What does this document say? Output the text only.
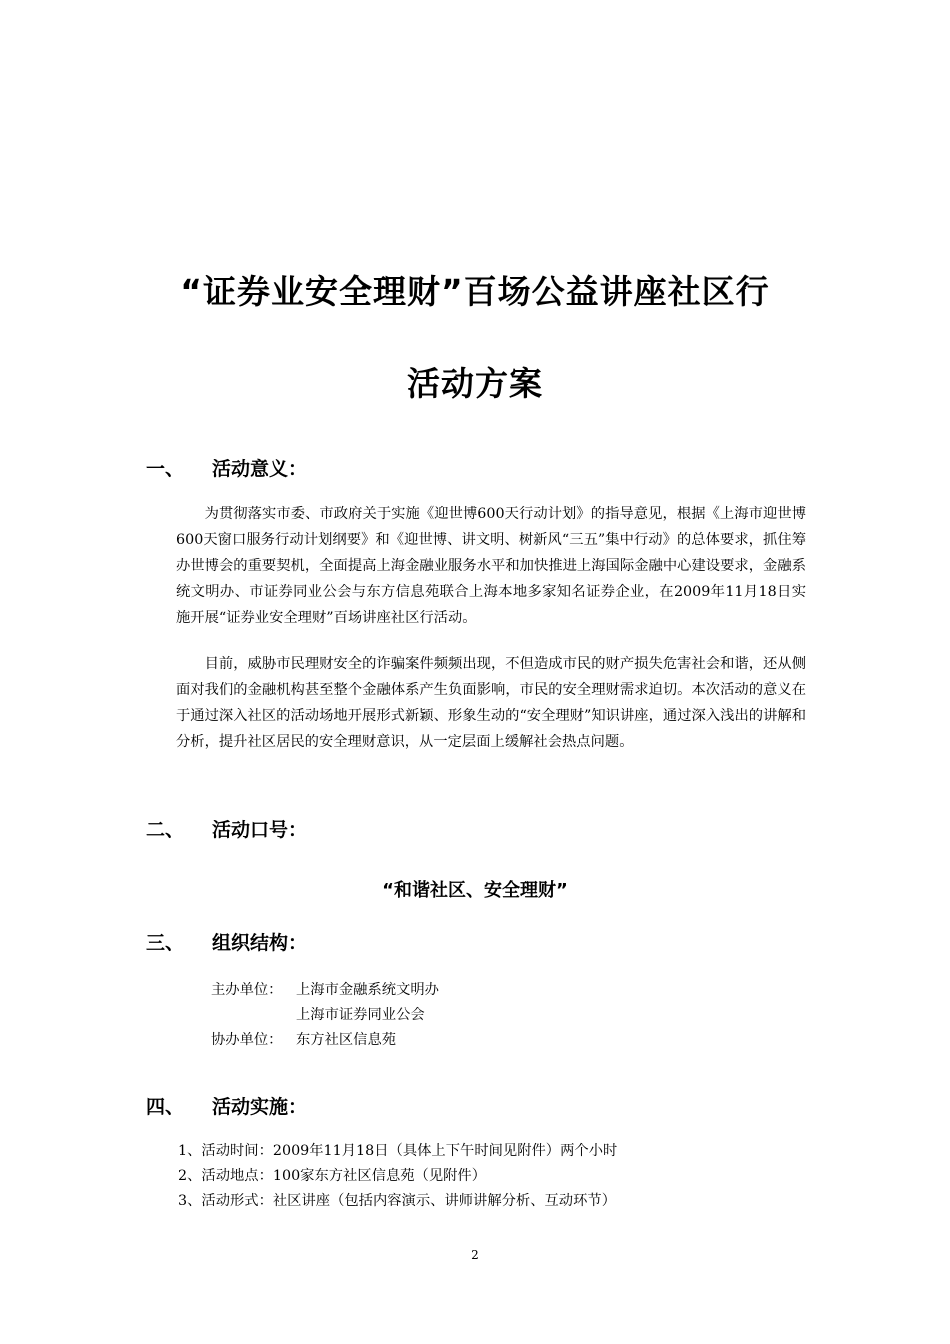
“证券业安全理财”百场公益讲座社区行
活动方案
一、 活动意义：

为贯彻落实市委、市政府关于实施《迎世博600天行动计划》的指导意见，根据《上海市迎世博600天窗口服务行动计划纲要》和《迎世博、讲文明、树新风“三五”集中行动》的总体要求，抓住筹办世博会的重要契机，全面提高上海金融业服务水平和加快推进上海国际金融中心建设要求，金融系统文明办、市证券同业公会与东方信息苑联合上海本地多家知名证券企业，在2009年11月18日实施开展“证券业安全理财”百场讲座社区行活动。

目前，威胁市民理财安全的诈骗案件频频出现，不但造成市民的财产损失危害社会和谐，还从侧面对我们的金融机构甚至整个金融体系产生负面影响，市民的安全理财需求迫切。本次活动的意义在于通过深入社区的活动场地开展形式新颖、形象生动的“安全理财”知识讲座，通过深入浅出的讲解和分析，提升社区居民的安全理财意识，从一定层面上缓解社会热点问题。

二、 活动口号：
“和谐社区、安全理财”
三、 组织结构：
主办单位： 上海市金融系统文明办
上海市证券同业公会
协办单位： 东方社区信息苑
四、 活动实施：
1、活动时间：2009年11月18日（具体上下午时间见附件）两个小时
2、活动地点：100家东方社区信息苑（见附件）
3、活动形式：社区讲座（包括内容演示、讲师讲解分析、互动环节）
2
